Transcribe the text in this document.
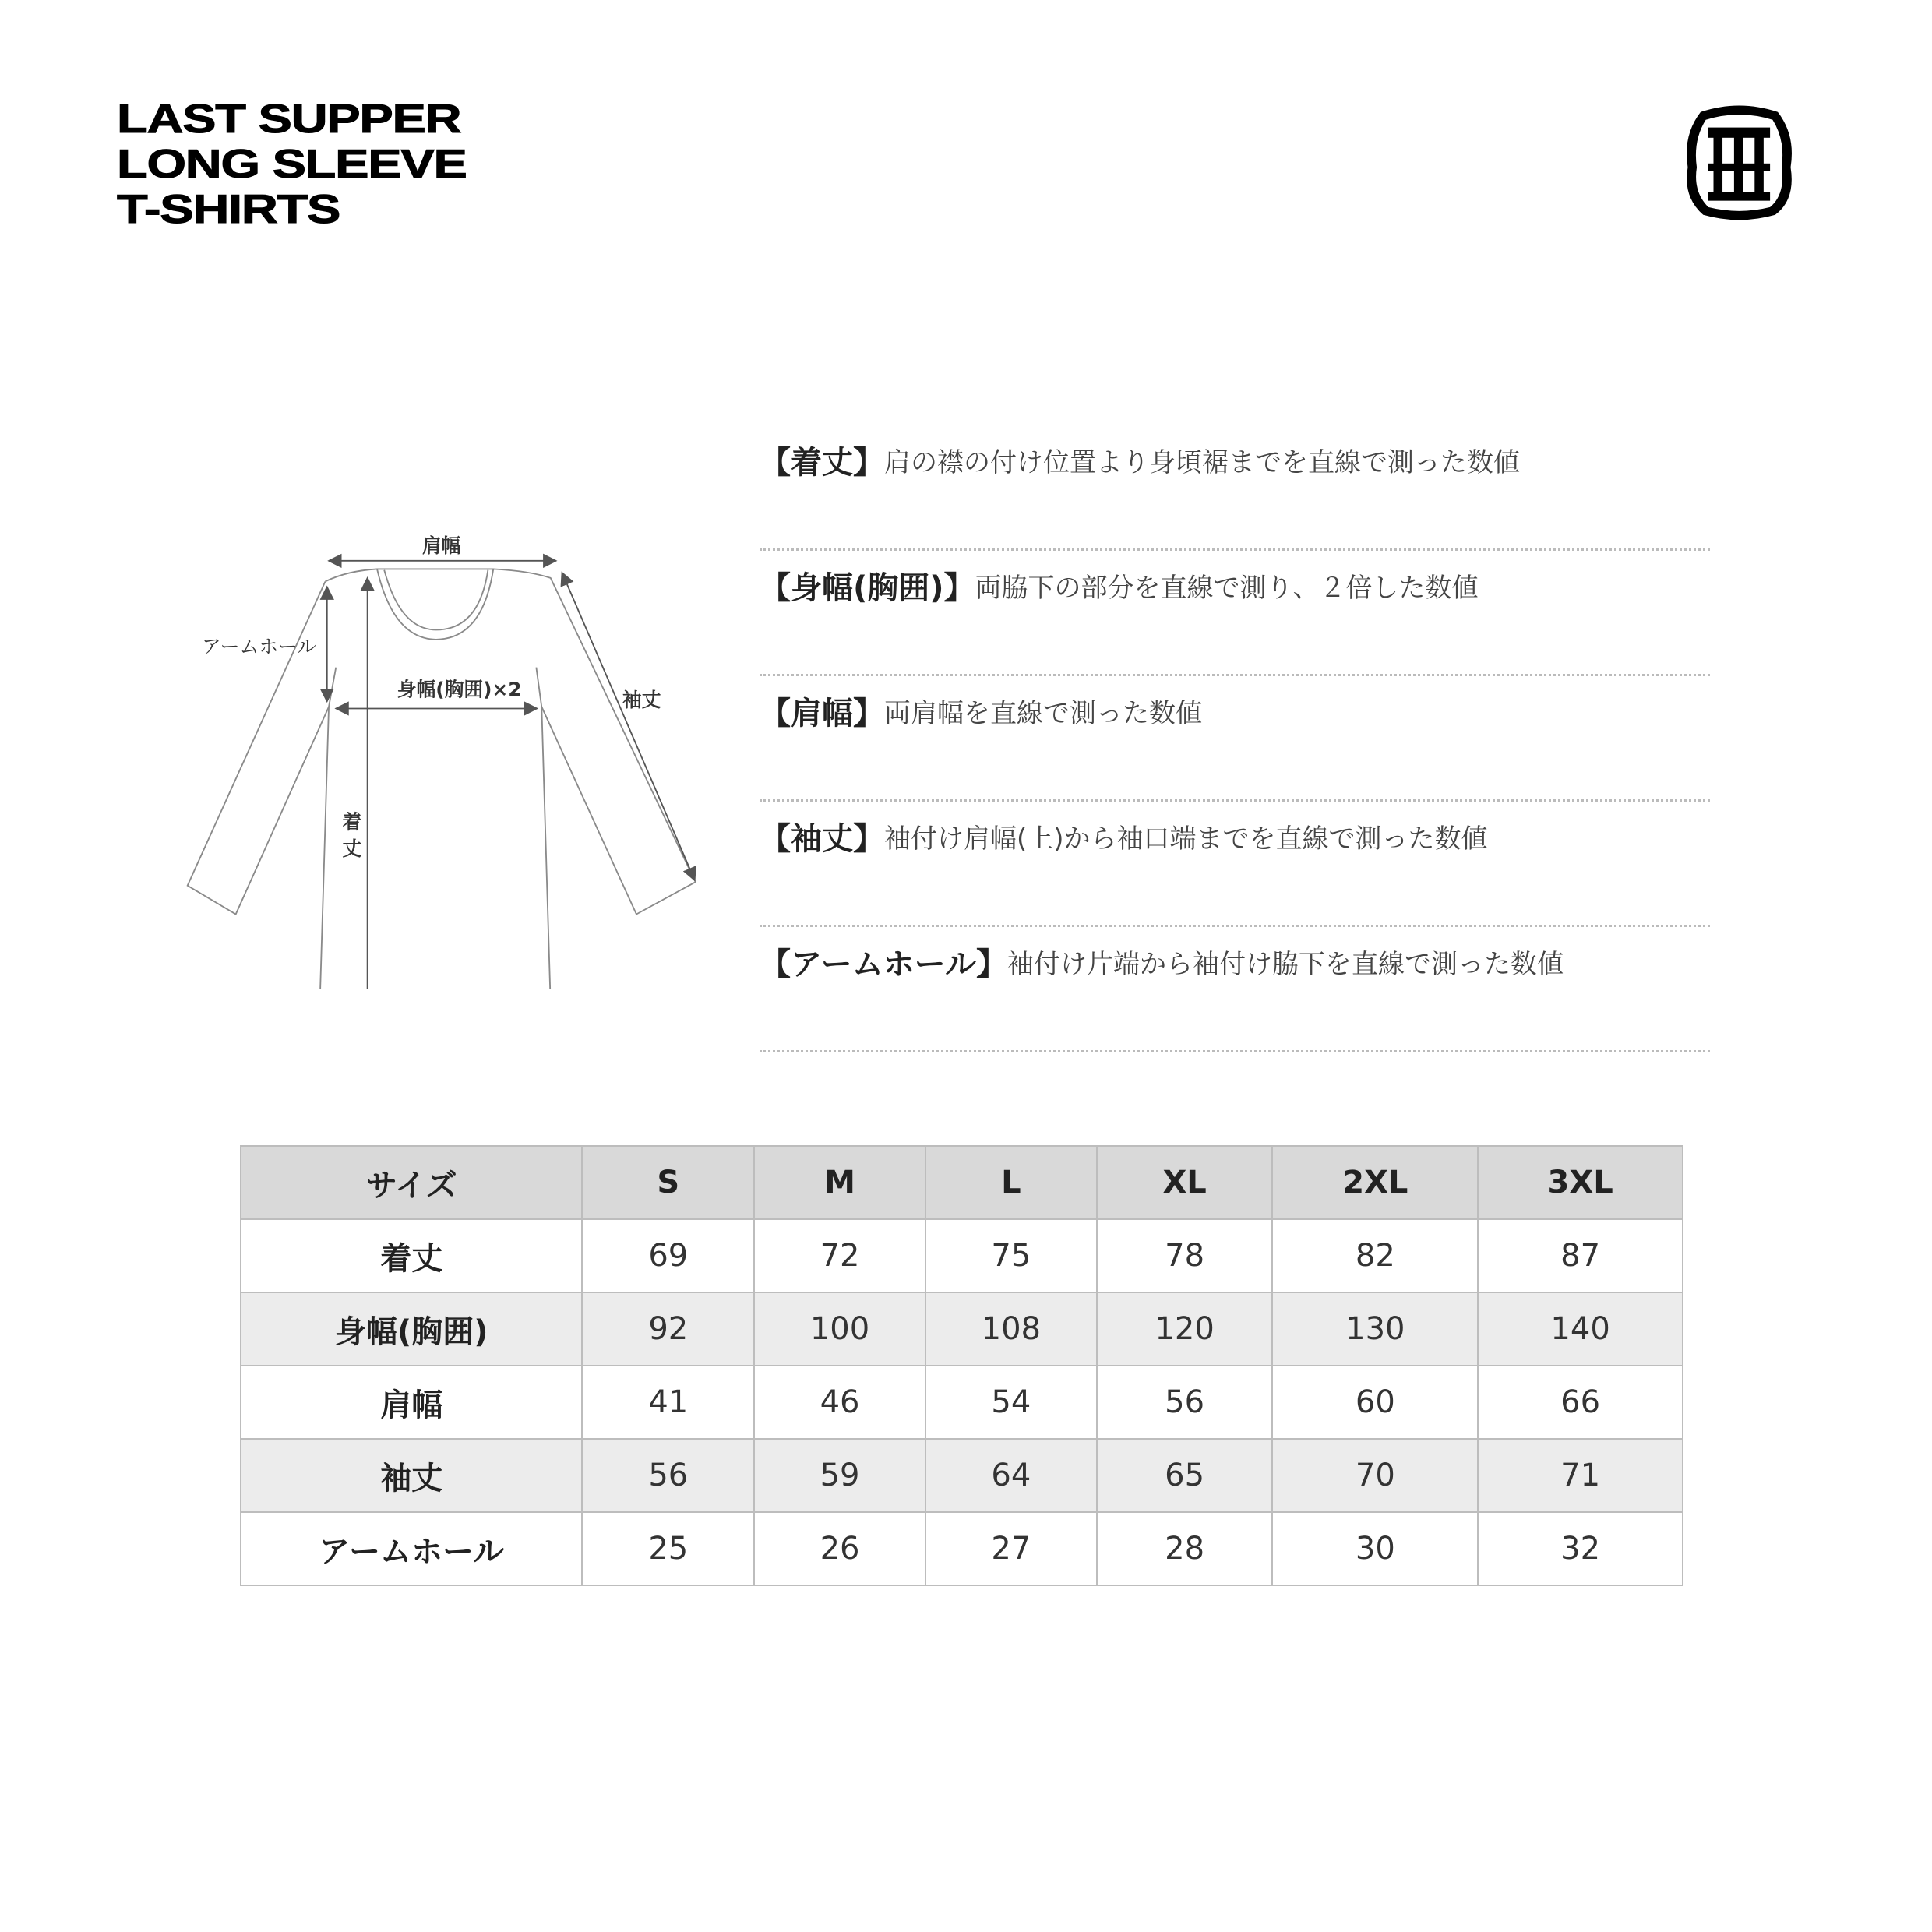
LAST SUPPER
LONG SLEEVE
T-SHIRTS
肩幅
アームホール
身幅(胸囲)×2 袖丈
着
丈
【着丈】 肩の襟の付け位置より身頃裾までを直線で測った数値
【身幅(胸囲)】 両脇下の部分を直線で測り、２倍した数値
【肩幅】 両肩幅を直線で測った数値
【袖丈】 袖付け肩幅(上)から袖口端までを直線で測った数値
【アームホール】 袖付け片端から袖付け脇下を直線で測った数値
サイズ	S	M	L	XL	2XL	3XL
着丈	69	72	75	78	82	87
身幅(胸囲)	92	100	108	120	130	140
肩幅	41	46	54	56	60	66
袖丈	56	59	64	65	70	71
アームホール	25	26	27	28	30	32
